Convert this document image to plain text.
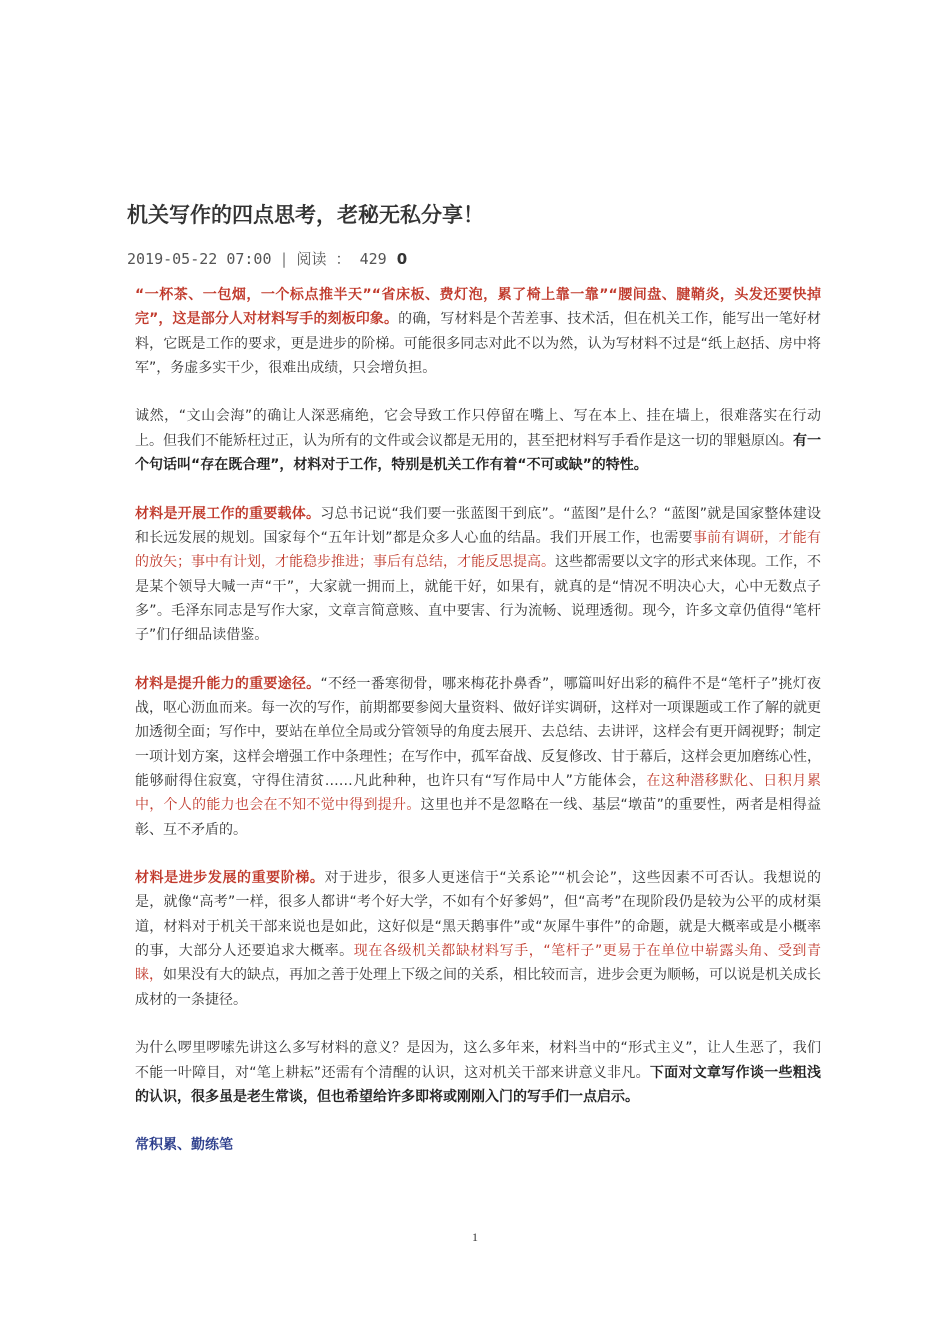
机关写作的四点思考，老秘无私分享！
2019-05-22 07:00 | 阅读 ： 429 0

“一杯茶、一包烟，一个标点推半天”“省床板、费灯泡，累了椅上靠一靠”“腰间盘、腱鞘炎，头发还要快掉完”，这是部分人对材料写手的刻板印象。的确，写材料是个苦差事、技术活，但在机关工作，能写出一笔好材料，它既是工作的要求，更是进步的阶梯。可能很多同志对此不以为然，认为写材料不过是“纸上赵括、房中将军”，务虚多实干少，很难出成绩，只会增负担。

诚然，“文山会海”的确让人深恶痛绝，它会导致工作只停留在嘴上、写在本上、挂在墙上，很难落实在行动上。但我们不能矫枉过正，认为所有的文件或会议都是无用的，甚至把材料写手看作是这一切的罪魁原凶。有一个句话叫“存在既合理”，材料对于工作，特别是机关工作有着“不可或缺”的特性。

材料是开展工作的重要载体。习总书记说“我们要一张蓝图干到底”。“蓝图”是什么？“蓝图”就是国家整体建设和长远发展的规划。国家每个“五年计划”都是众多人心血的结晶。我们开展工作，也需要事前有调研，才能有的放矢；事中有计划，才能稳步推进；事后有总结，才能反思提高。这些都需要以文字的形式来体现。工作，不是某个领导大喊一声“干”，大家就一拥而上，就能干好，如果有，就真的是“情况不明决心大，心中无数点子多”。毛泽东同志是写作大家，文章言简意赅、直中要害、行为流畅、说理透彻。现今，许多文章仍值得“笔杆子”们仔细品读借鉴。

材料是提升能力的重要途径。“不经一番寒彻骨，哪来梅花扑鼻香”，哪篇叫好出彩的稿件不是“笔杆子”挑灯夜战，呕心沥血而来。每一次的写作，前期都要参阅大量资料、做好详实调研，这样对一项课题或工作了解的就更加透彻全面；写作中，要站在单位全局或分管领导的角度去展开、去总结、去讲评，这样会有更开阔视野；制定一项计划方案，这样会增强工作中条理性；在写作中，孤军奋战、反复修改、甘于幕后，这样会更加磨练心性，能够耐得住寂寞，守得住清贫……凡此种种，也许只有“写作局中人”方能体会，在这种潜移默化、日积月累中，个人的能力也会在不知不觉中得到提升。这里也并不是忽略在一线、基层“墩苗”的重要性，两者是相得益彰、互不矛盾的。

材料是进步发展的重要阶梯。对于进步，很多人更迷信于“关系论”“机会论”，这些因素不可否认。我想说的是，就像“高考”一样，很多人都讲“考个好大学，不如有个好爹妈”，但“高考”在现阶段仍是较为公平的成材渠道，材料对于机关干部来说也是如此，这好似是“黑天鹅事件”或“灰犀牛事件”的命题，就是大概率或是小概率的事，大部分人还要追求大概率。现在各级机关都缺材料写手，“笔杆子”更易于在单位中崭露头角、受到青睐，如果没有大的缺点，再加之善于处理上下级之间的关系，相比较而言，进步会更为顺畅，可以说是机关成长成材的一条捷径。

为什么啰里啰嗦先讲这么多写材料的意义？是因为，这么多年来，材料当中的“形式主义”，让人生恶了，我们不能一叶障目，对“笔上耕耘”还需有个清醒的认识，这对机关干部来讲意义非凡。下面对文章写作谈一些粗浅的认识，很多虽是老生常谈，但也希望给许多即将或刚刚入门的写手们一点启示。

常积累、勤练笔

1
